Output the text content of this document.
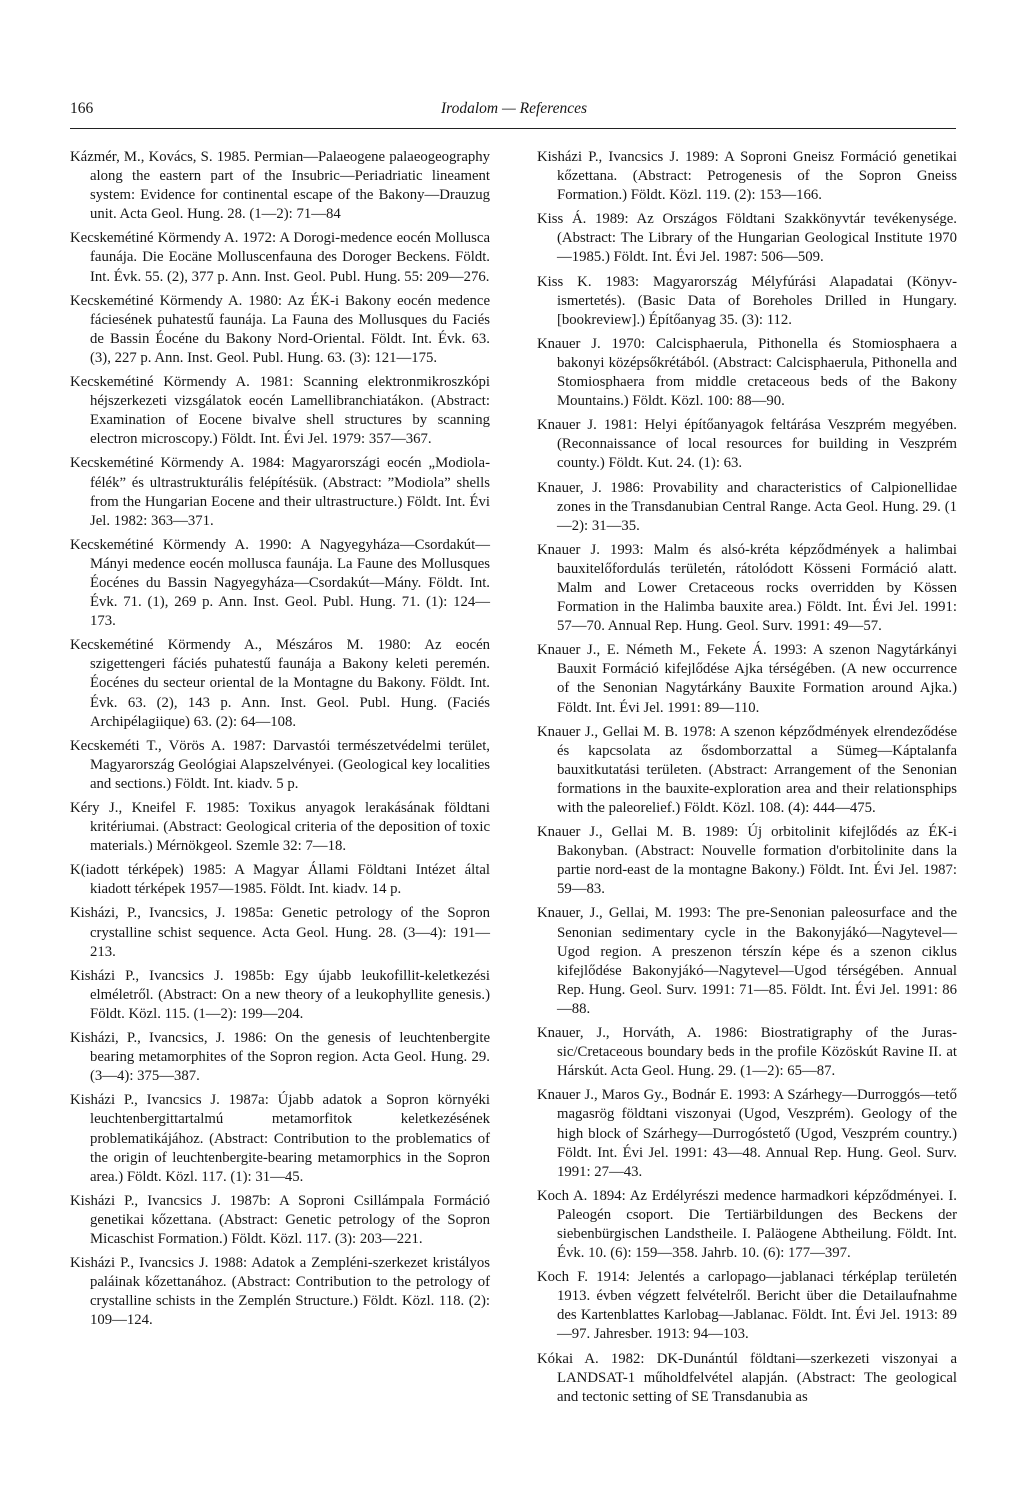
166	Irodalom — References

Kázmér, M., Kovács, S. 1985. Permian—Palaeogene palaeogeography along the eastern part of the Insubric—Periadriatic lineament system: Evidence for continental escape of the Bakony—Drauzug unit. Acta Geol. Hung. 28. (1—2): 71—84

Kecskemétiné Körmendy A. 1972: A Dorogi-medence eocén Mollusca faunája. Die Eocäne Molluscenfauna des Doroger Beckens. Földt. Int. Évk. 55. (2), 377 p. Ann. Inst. Geol. Publ. Hung. 55: 209—276.

Kecskemétiné Körmendy A. 1980: Az ÉK-i Bakony eocén medence fáciesének puhatestű faunája. La Fauna des Mollusques du Faciés de Bassin Éocéne du Bakony Nord-Oriental. Földt. Int. Évk. 63. (3), 227 p. Ann. Inst. Geol. Publ. Hung. 63. (3): 121—175.

Kecskemétiné Körmendy A. 1981: Scanning elektronmikroszkópi héjszerkezeti vizsgálatok eocén Lamellibranchiatákon. (Abstract: Examination of Eocene bivalve shell structures by scanning electron microscopy.) Földt. Int. Évi Jel. 1979: 357—367.

Kecskemétiné Körmendy A. 1984: Magyarországi eocén „Modiola-félék” és ultrastrukturális felépítésük. (Abstract: ”Modiola” shells from the Hungarian Eocene and their ultrastructure.) Földt. Int. Évi Jel. 1982: 363—371.

Kecskemétiné Körmendy A. 1990: A Nagyegyháza—Csordakút—Mányi medence eocén mollusca faunája. La Faune des Mollusques Éocénes du Bassin Nagyegyháza—Csordakút—Mány. Földt. Int. Évk. 71. (1), 269 p. Ann. Inst. Geol. Publ. Hung. 71. (1): 124—173.

Kecskemétiné Körmendy A., Mészáros M. 1980: Az eocén szigettengeri fáciés puhatestű faunája a Bakony keleti peremén. Éocénes du secteur oriental de la Montagne du Bakony. Földt. Int. Évk. 63. (2), 143 p. Ann. Inst. Geol. Publ. Hung. (Faciés Archipélagiique) 63. (2): 64—108.

Kecskeméti T., Vörös A. 1987: Darvastói természetvédelmi terület, Magyarország Geológiai Alapszelvényei. (Geological key localities and sections.) Földt. Int. kiadv. 5 p.

Kéry J., Kneifel F. 1985: Toxikus anyagok lerakásának földtani kritériumai. (Abstract: Geological criteria of the deposition of toxic materials.) Mérnökgeol. Szemle 32: 7—18.

K(iadott térképek) 1985: A Magyar Állami Földtani Intézet által kiadott térképek 1957—1985. Földt. Int. kiadv. 14 p.

Kisházi, P., Ivancsics, J. 1985a: Genetic petrology of the Sopron crystalline schist sequence. Acta Geol. Hung. 28. (3—4): 191—213.

Kisházi P., Ivancsics J. 1985b: Egy újabb leukofillit-keletkezési elméletről. (Abstract: On a new theory of a leukophyllite genesis.) Földt. Közl. 115. (1—2): 199—204.

Kisházi, P., Ivancsics, J. 1986: On the genesis of leuchtenbergite bearing metamorphites of the Sopron region. Acta Geol. Hung. 29. (3—4): 375—387.

Kisházi P., Ivancsics J. 1987a: Újabb adatok a Sopron környéki leuchtenbergittartalmú metamorfitok keletkezésének problematikájához. (Abstract: Contribution to the problematics of the origin of leuchtenbergite-bearing metamorphics in the Sopron area.) Földt. Közl. 117. (1): 31—45.

Kisházi P., Ivancsics J. 1987b: A Soproni Csillámpala Formáció genetikai kőzettana. (Abstract: Genetic petrology of the Sopron Micaschist Formation.) Földt. Közl. 117. (3): 203—221.

Kisházi P., Ivancsics J. 1988: Adatok a Zempléni-szerkezet kristályos paláinak kőzettanához. (Abstract: Contribution to the petrology of crystalline schists in the Zemplén Structure.) Földt. Közl. 118. (2): 109—124.

Kisházi P., Ivancsics J. 1989: A Soproni Gneisz Formáció genetikai kőzettana. (Abstract: Petrogenesis of the Sopron Gneiss Formation.) Földt. Közl. 119. (2): 153—166.

Kiss Á. 1989: Az Országos Földtani Szakkönyvtár tevékenysége. (Abstract: The Library of the Hungarian Geological Institute 1970—1985.) Földt. Int. Évi Jel. 1987: 506—509.

Kiss K. 1983: Magyarország Mélyfúrási Alapadatai (Könyvismertetés). (Basic Data of Boreholes Drilled in Hungary. [bookreview].) Építőanyag 35. (3): 112.

Knauer J. 1970: Calcisphaerula, Pithonella és Stomiosphaera a bakonyi középsőkrétából. (Abstract: Calcisphaerula, Pithonella and Stomiosphaera from middle cretaceous beds of the Bakony Mountains.) Földt. Közl. 100: 88—90.

Knauer J. 1981: Helyi építőanyagok feltárása Veszprém megyében. (Reconnaissance of local resources for building in Veszprém county.) Földt. Kut. 24. (1): 63.

Knauer, J. 1986: Provability and characteristics of Calpionellidae zones in the Transdanubian Central Range. Acta Geol. Hung. 29. (1—2): 31—35.

Knauer J. 1993: Malm és alsó-kréta képződmények a halimbai bauxitelőfordulás területén, rátolódott Kösseni Formáció alatt. Malm and Lower Cretaceous rocks overridden by Kössen Formation in the Halimba bauxite area.) Földt. Int. Évi Jel. 1991: 57—70. Annual Rep. Hung. Geol. Surv. 1991: 49—57.

Knauer J., E. Németh M., Fekete Á. 1993: A szenon Nagytárkányi Bauxit Formáció kifejlődése Ajka térségében. (A new occurrence of the Senonian Nagytárkány Bauxite Formation around Ajka.) Földt. Int. Évi Jel. 1991: 89—110.

Knauer J., Gellai M. B. 1978: A szenon képződmények elrendeződése és kapcsolata az ősdomborzattal a Sümeg—Káptalanfa bauxitkutatási területen. (Abstract: Arrangement of the Senonian formations in the bauxite-exploration area and their relationsphips with the paleorelief.) Földt. Közl. 108. (4): 444—475.

Knauer J., Gellai M. B. 1989: Új orbitolinit kifejlődés az ÉK-i Bakonyban. (Abstract: Nouvelle formation d'orbitolinite dans la partie nord-east de la montagne Bakony.) Földt. Int. Évi Jel. 1987: 59—83.

Knauer, J., Gellai, M. 1993: The pre-Senonian paleosurface and the Senonian sedimentary cycle in the Bakonyjákó—Nagytevel—Ugod region. A preszenon térszín képe és a szenon ciklus kifejlődése Bakonyjákó—Nagytevel—Ugod térségében. Annual Rep. Hung. Geol. Surv. 1991: 71—85. Földt. Int. Évi Jel. 1991: 86—88.

Knauer, J., Horváth, A. 1986: Biostratigraphy of the Jurassic/Cretaceous boundary beds in the profile Közöskút Ravine II. at Hárskút. Acta Geol. Hung. 29. (1—2): 65—87.

Knauer J., Maros Gy., Bodnár E. 1993: A Szárhegy—Durroggós—tető magasrög földtani viszonyai (Ugod, Veszprém). Geology of the high block of Szárhegy—Durrogóstető (Ugod, Veszprém country.) Földt. Int. Évi Jel. 1991: 43—48. Annual Rep. Hung. Geol. Surv. 1991: 27—43.

Koch A. 1894: Az Erdélyrészi medence harmadkori képződményei. I. Paleogén csoport. Die Tertiärbildungen des Beckens der siebenbürgischen Landstheile. I. Paläogene Abtheilung. Földt. Int. Évk. 10. (6): 159—358. Jahrb. 10. (6): 177—397.

Koch F. 1914: Jelentés a carlopago—jablanaci térképlap területén 1913. évben végzett felvételről. Bericht über die Detailaufnahme des Kartenblattes Karlobag—Jablanac. Földt. Int. Évi Jel. 1913: 89—97. Jahresber. 1913: 94—103.

Kókai A. 1982: DK-Dunántúl földtani—szerkezeti viszonyai a LANDSAT-1 műholdfelvétel alapján. (Abstract: The geological and tectonic setting of SE Transdanubia as
